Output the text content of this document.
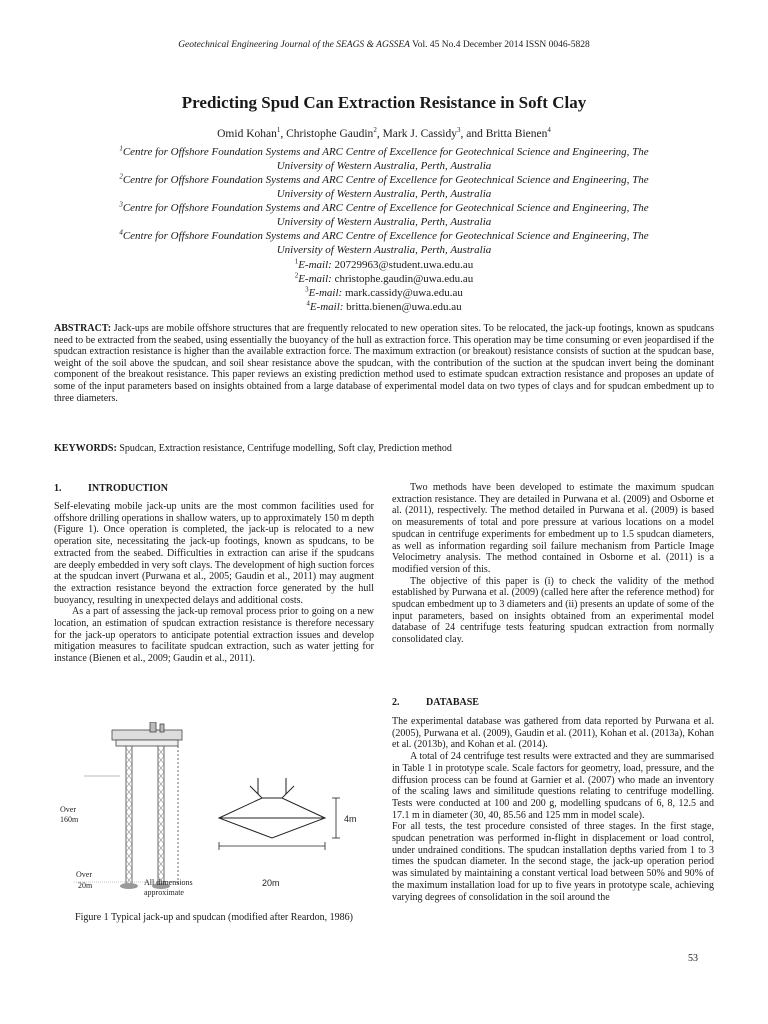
Geotechnical Engineering Journal of the SEAGS & AGSSEA Vol. 45 No.4 December 2014 ISSN 0046-5828
Predicting Spud Can Extraction Resistance in Soft Clay
Omid Kohan$^1$, Christophe Gaudin$^2$, Mark J. Cassidy$^3$, and Britta Bienen$^4$
$^1$Centre for Offshore Foundation Systems and ARC Centre of Excellence for Geotechnical Science and Engineering, The
University of Western Australia, Perth, Australia
$^2$Centre for Offshore Foundation Systems and ARC Centre of Excellence for Geotechnical Science and Engineering, The
University of Western Australia, Perth, Australia
$^3$Centre for Offshore Foundation Systems and ARC Centre of Excellence for Geotechnical Science and Engineering, The
University of Western Australia, Perth, Australia
$^4$Centre for Offshore Foundation Systems and ARC Centre of Excellence for Geotechnical Science and Engineering, The
University of Western Australia, Perth, Australia
$^1$E-mail: 20729963@student.uwa.edu.au
$^2$E-mail: christophe.gaudin@uwa.edu.au
$^3$E-mail: mark.cassidy@uwa.edu.au
$^4$E-mail: britta.bienen@uwa.edu.au
ABSTRACT: Jack-ups are mobile offshore structures that are frequently relocated to new operation sites. To be relocated, the jack-up footings, known as spudcans need to be extracted from the seabed, using essentially the buoyancy of the hull as extraction force. This operation may be time consuming or even jeopardised if the spudcan extraction resistance is higher than the available extraction force. The maximum extraction (or breakout) resistance consists of suction at the spudcan base, weight of the soil above the spudcan, and soil shear resistance above the spudcan, with the contribution of the suction at the spudcan invert being the dominant component of the breakout resistance. This paper reviews an existing prediction method used to estimate spudcan extraction resistance and proposes an update of some of the input parameters based on insights obtained from a large database of experimental model data on two types of clays and for spudcan embedment up to three diameters.
KEYWORDS: Spudcan, Extraction resistance, Centrifuge modelling, Soft clay, Prediction method
1.	INTRODUCTION

Self-elevating mobile jack-up units are the most common facilities used for offshore drilling operations in shallow waters, up to approximately 150 m depth (Figure 1). Once operation is completed, the jack-up is relocated to a new operation site, necessitating the jack-up footings, known as spudcans, to be extracted from the seabed. Difficulties in extraction can arise if the spudcans are deeply embedded in very soft clays. The development of high suction forces at the spudcan invert (Purwana et al., 2005; Gaudin et al., 2011) may augment the extraction resistance beyond the extraction force generated by the hull buoyancy, resulting in unexpected delays and additional costs.

As a part of assessing the jack-up removal process prior to going on a new location, an estimation of spudcan extraction resistance is therefore necessary for the jack-up operators to anticipate potential extraction issues and develop mitigation measures to facilitate spudcan extraction, such as water jetting for instance (Bienen et al., 2009; Gaudin et al., 2011).

Over
160m
Over
20m	All dimensions
approximate
4m
20m
Figure 1 Typical jack-up and spudcan (modified after Reardon, 1986)

Two methods have been developed to estimate the maximum spudcan extraction resistance. They are detailed in Purwana et al. (2009) and Osborne et al. (2011), respectively. The method detailed in Purwana et al. (2009) is based on measurements of total and pore pressure at various locations on a model spudcan in centrifuge experiments for embedment up to 1.5 spudcan diameters, as well as information regarding soil failure mechanism from Particle Image Velocimetry analysis. The method contained in Osborne et al. (2011) is a modified version of this.

The objective of this paper is (i) to check the validity of the method established by Purwana et al. (2009) (called here after the reference method) for spudcan embedment up to 3 diameters and (ii) presents an update of some of the input parameters, based on insights obtained from an experimental model database of 24 centrifuge tests featuring spudcan extraction from normally consolidated clay.

2.	DATABASE

The experimental database was gathered from data reported by Purwana et al. (2005), Purwana et al. (2009), Gaudin et al. (2011), Kohan et al. (2013a), Kohan et al. (2013b), and Kohan et al. (2014).

A total of 24 centrifuge test results were extracted and they are summarised in Table 1 in prototype scale. Scale factors for geometry, load, pressure, and the diffusion process can be found at Garnier et al. (2007) who made an inventory of the scaling laws and similitude questions relating to centrifuge modelling. Tests were conducted at 100 and 200 g, modelling spudcans of 6, 8, 12.5 and 17.1 m in diameter (30, 40, 85.56 and 125 mm in model scale).

For all tests, the test procedure consisted of three stages. In the first stage, spudcan penetration was performed in-flight in displacement or load control, under undrained conditions. The spudcan installation depths varied from 1 to 3 times the spudcan diameter. In the second stage, the jack-up operation period was simulated by maintaining a constant vertical load between 50% and 90% of the maximum installation load for up to five years in prototype scale, achieving varying degrees of consolidation in the soil around the

53
